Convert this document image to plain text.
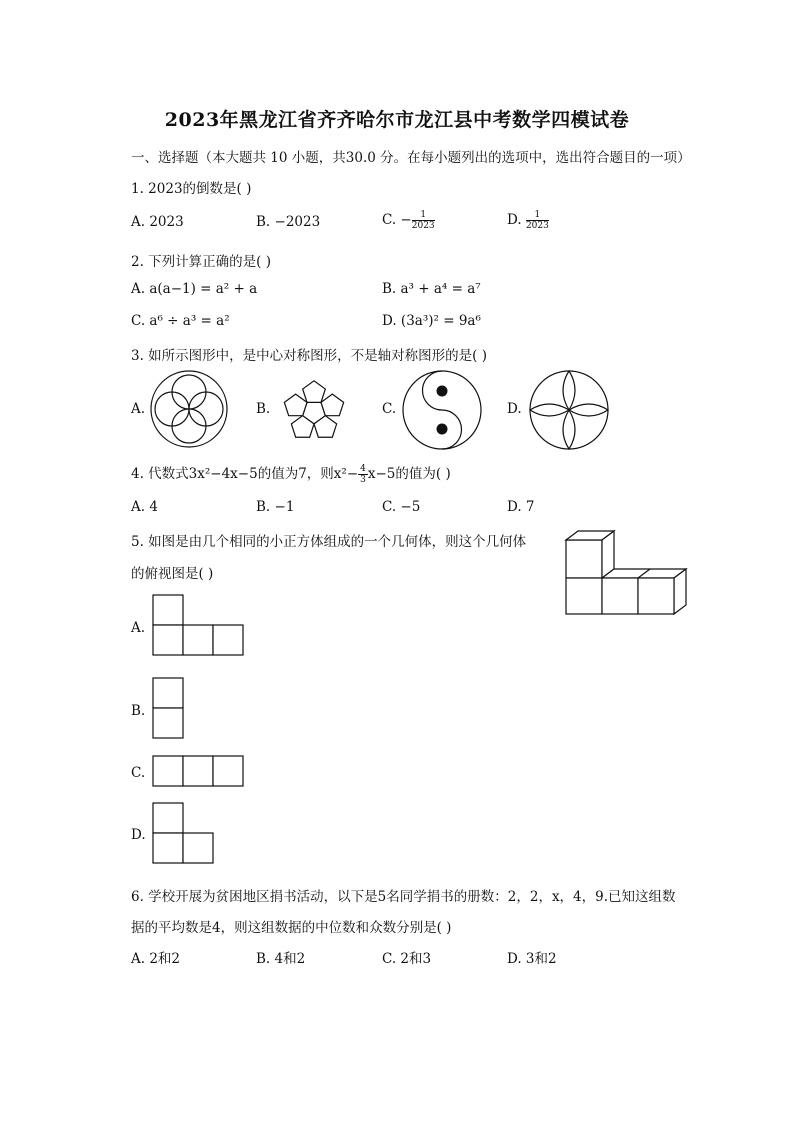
2023年黑龙江省齐齐哈尔市龙江县中考数学四模试卷
一、选择题（本大题共 10 小题，共30.0 分。在每小题列出的选项中，选出符合题目的一项）
1. 2023的倒数是( )
A. 2023	B. −2023	C. − $\frac{1}{2023}$	D. $\frac{1}{2023}$
2. 下列计算正确的是( )
A. a(a−1) = a² + a	B. a³ + a⁴ = a⁷
C. a⁶ ÷ a³ = a²	D. (3a³)² = 9a⁶
3. 如所示图形中，是中心对称图形，不是轴对称图形的是( )
A.	B.	C.	D.
4. 代数式3x²−4x−5的值为7，则$x^2- \frac{4}{3} x-5$的值为( )
A. 4	B. −1	C. −5	D. 7
5. 如图是由几个相同的小正方体组成的一个几何体，则这个几何体
的俯视图是( )
A.
B.
C.
D.
6. 学校开展为贫困地区捐书活动，以下是5名同学捐书的册数：2，2，x，4，9.已知这组数
据的平均数是4，则这组数据的中位数和众数分别是( )
A. 2和2	B. 4和2	C. 2和3	D. 3和2
